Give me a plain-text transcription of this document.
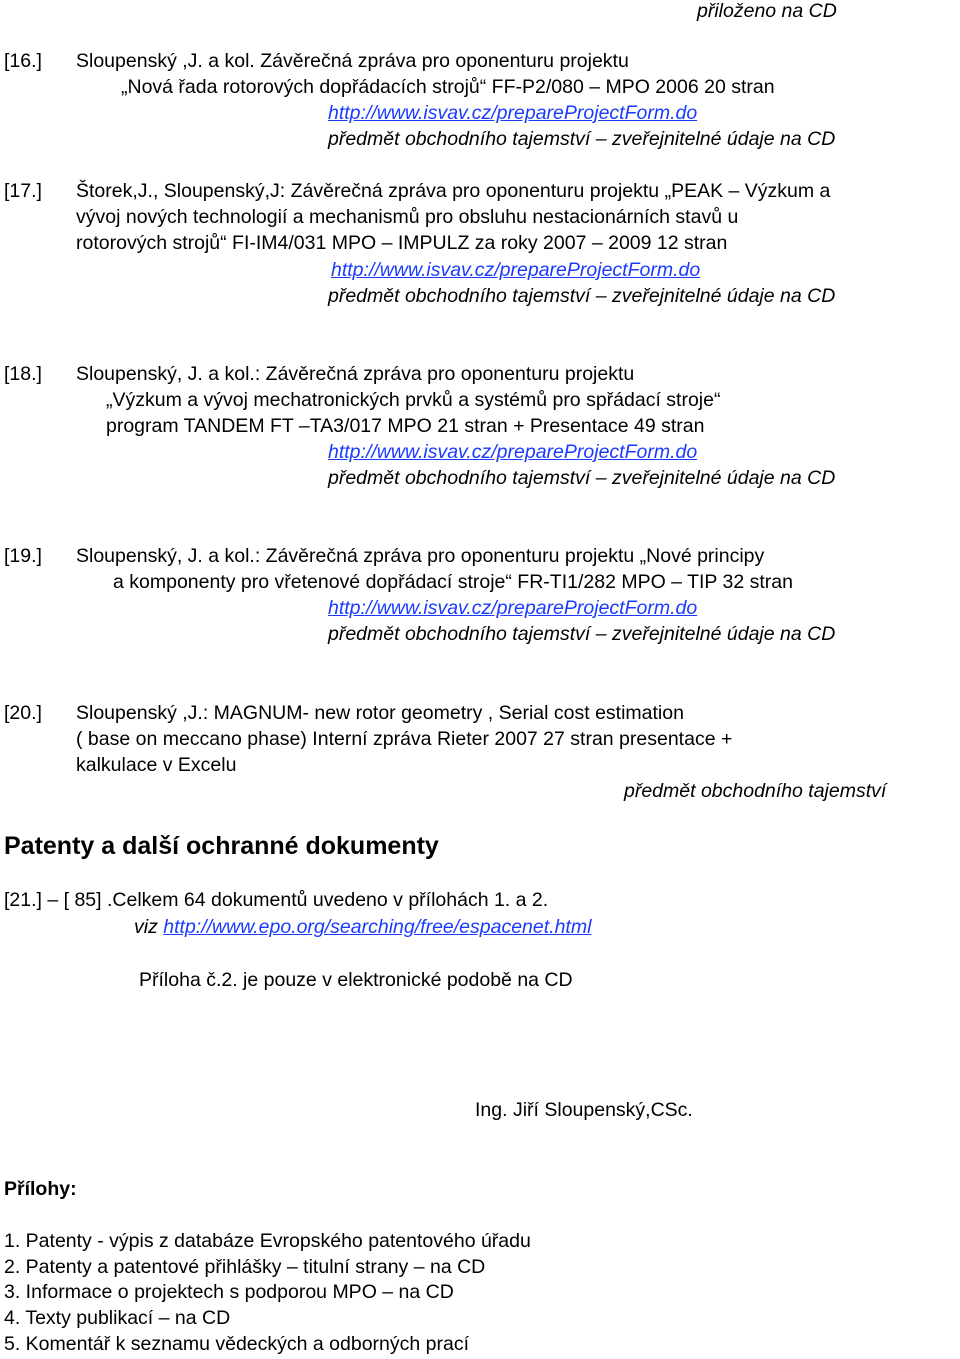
přiloženo na CD
[16.] Sloupenský ,J. a kol. Závěrečná zpráva pro oponenturu projektu
„Nová řada rotorových dopřádacích strojů“ FF-P2/080 – MPO 2006 20 stran
http://www.isvav.cz/prepareProjectForm.do
předmět obchodního tajemství – zveřejnitelné údaje na CD
[17.] Štorek,J., Sloupenský,J: Závěrečná zpráva pro oponenturu projektu „PEAK – Výzkum a
vývoj nových technologií a mechanismů pro obsluhu nestacionárních stavů u
rotorových strojů“ FI-IM4/031 MPO – IMPULZ za roky 2007 – 2009 12 stran
http://www.isvav.cz/prepareProjectForm.do
předmět obchodního tajemství – zveřejnitelné údaje na CD
[18.] Sloupenský, J. a kol.: Závěrečná zpráva pro oponenturu projektu
„Výzkum a vývoj mechatronických prvků a systémů pro spřádací stroje“
program TANDEM FT –TA3/017 MPO 21 stran + Presentace 49 stran
http://www.isvav.cz/prepareProjectForm.do
předmět obchodního tajemství – zveřejnitelné údaje na CD
[19.] Sloupenský, J. a kol.: Závěrečná zpráva pro oponenturu projektu „Nové principy
a komponenty pro vřetenové dopřádací stroje“ FR-TI1/282 MPO – TIP 32 stran
http://www.isvav.cz/prepareProjectForm.do
předmět obchodního tajemství – zveřejnitelné údaje na CD
[20.] Sloupenský ,J.: MAGNUM- new rotor geometry , Serial cost estimation
( base on meccano phase) Interní zpráva Rieter 2007 27 stran presentace +
kalkulace v Excelu
předmět obchodního tajemství
Patenty a další ochranné dokumenty
[21.] – [ 85] .Celkem 64 dokumentů uvedeno v přílohách 1. a 2.
viz http://www.epo.org/searching/free/espacenet.html
Příloha č.2. je pouze v elektronické podobě na CD
Ing. Jiří Sloupenský,CSc.
Přílohy:
1. Patenty - výpis z databáze Evropského patentového úřadu
2. Patenty a patentové přihlášky – titulní strany – na CD
3. Informace o projektech s podporou MPO – na CD
4. Texty publikací – na CD
5. Komentář k seznamu vědeckých a odborných prací
